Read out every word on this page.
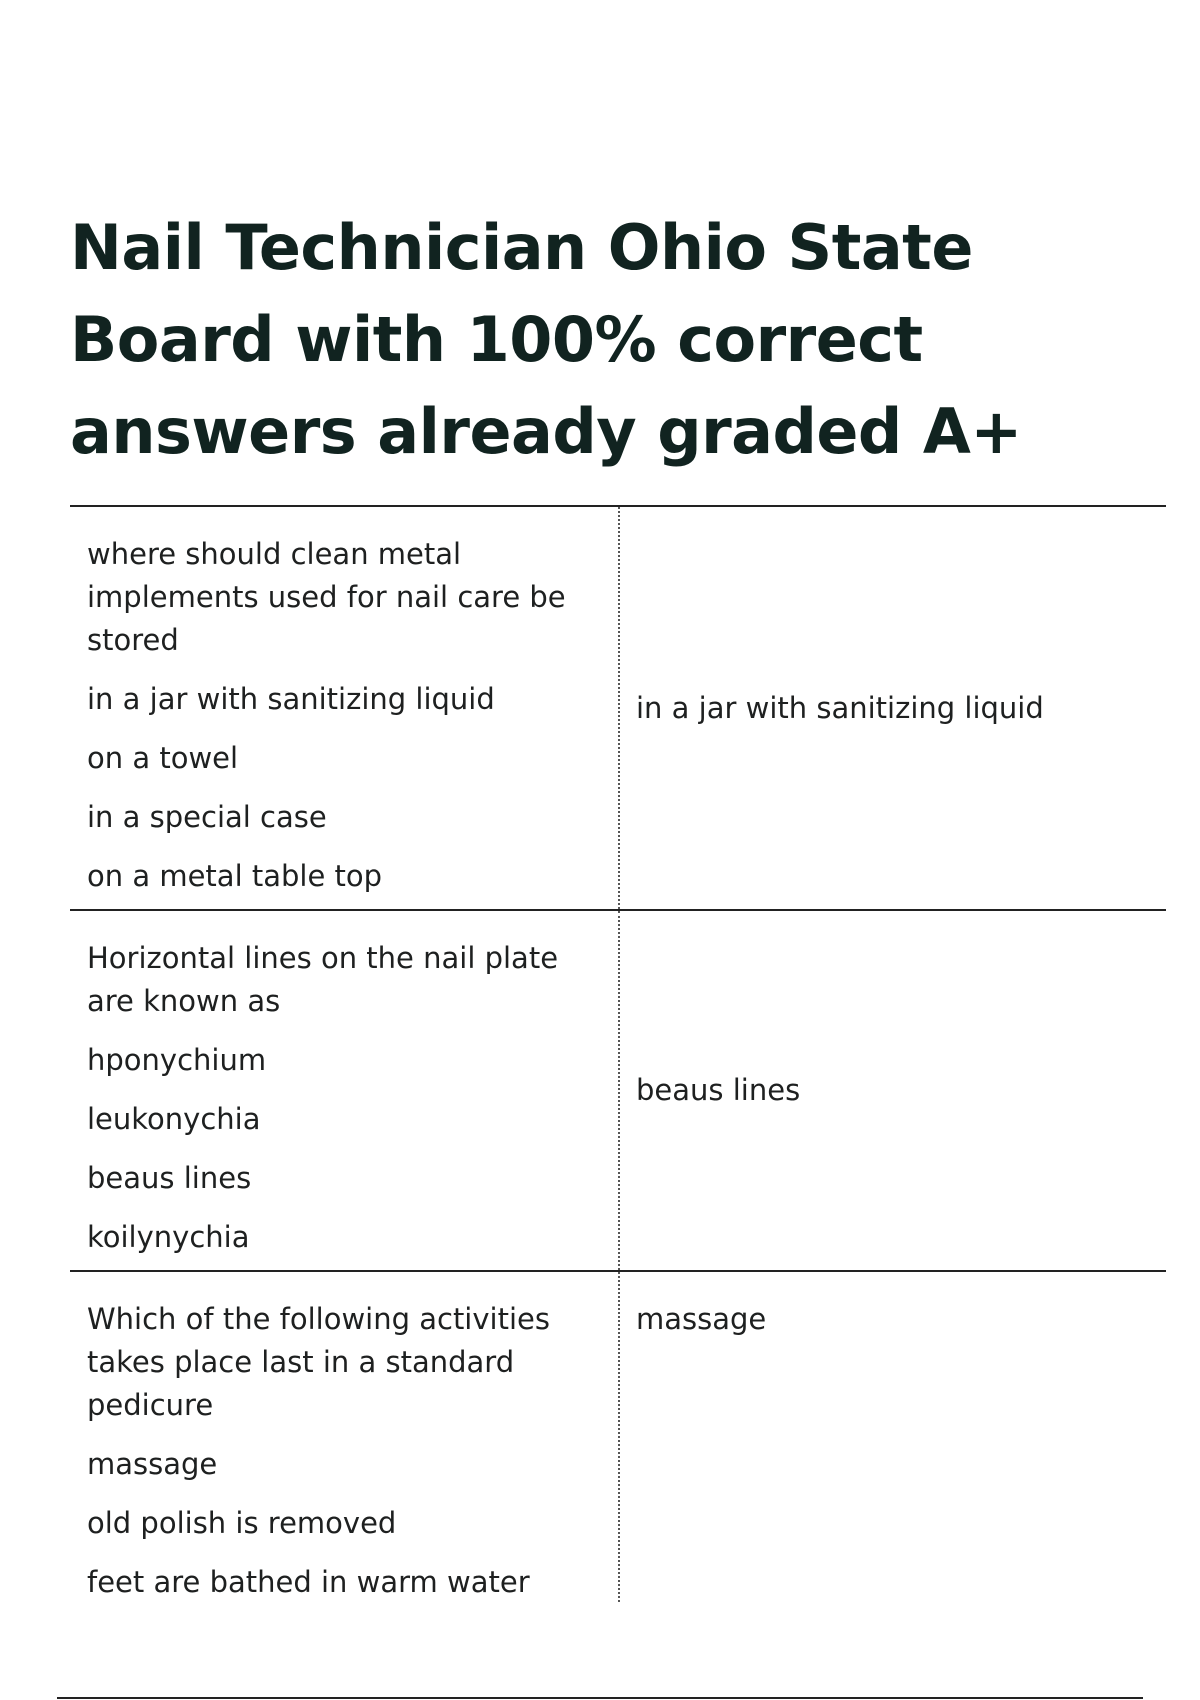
Nail Technician Ohio State Board with 100% correct answers already graded A+
where should clean metal implements used for nail care be stored
in a jar with sanitizing liquid
on a towel
in a special case
on a metal table top
in a jar with sanitizing liquid
Horizontal lines on the nail plate are known as
hponychium
leukonychia
beaus lines
koilynychia
beaus lines
Which of the following activities takes place last in a standard pedicure
massage
old polish is removed
feet are bathed in warm water
massage
